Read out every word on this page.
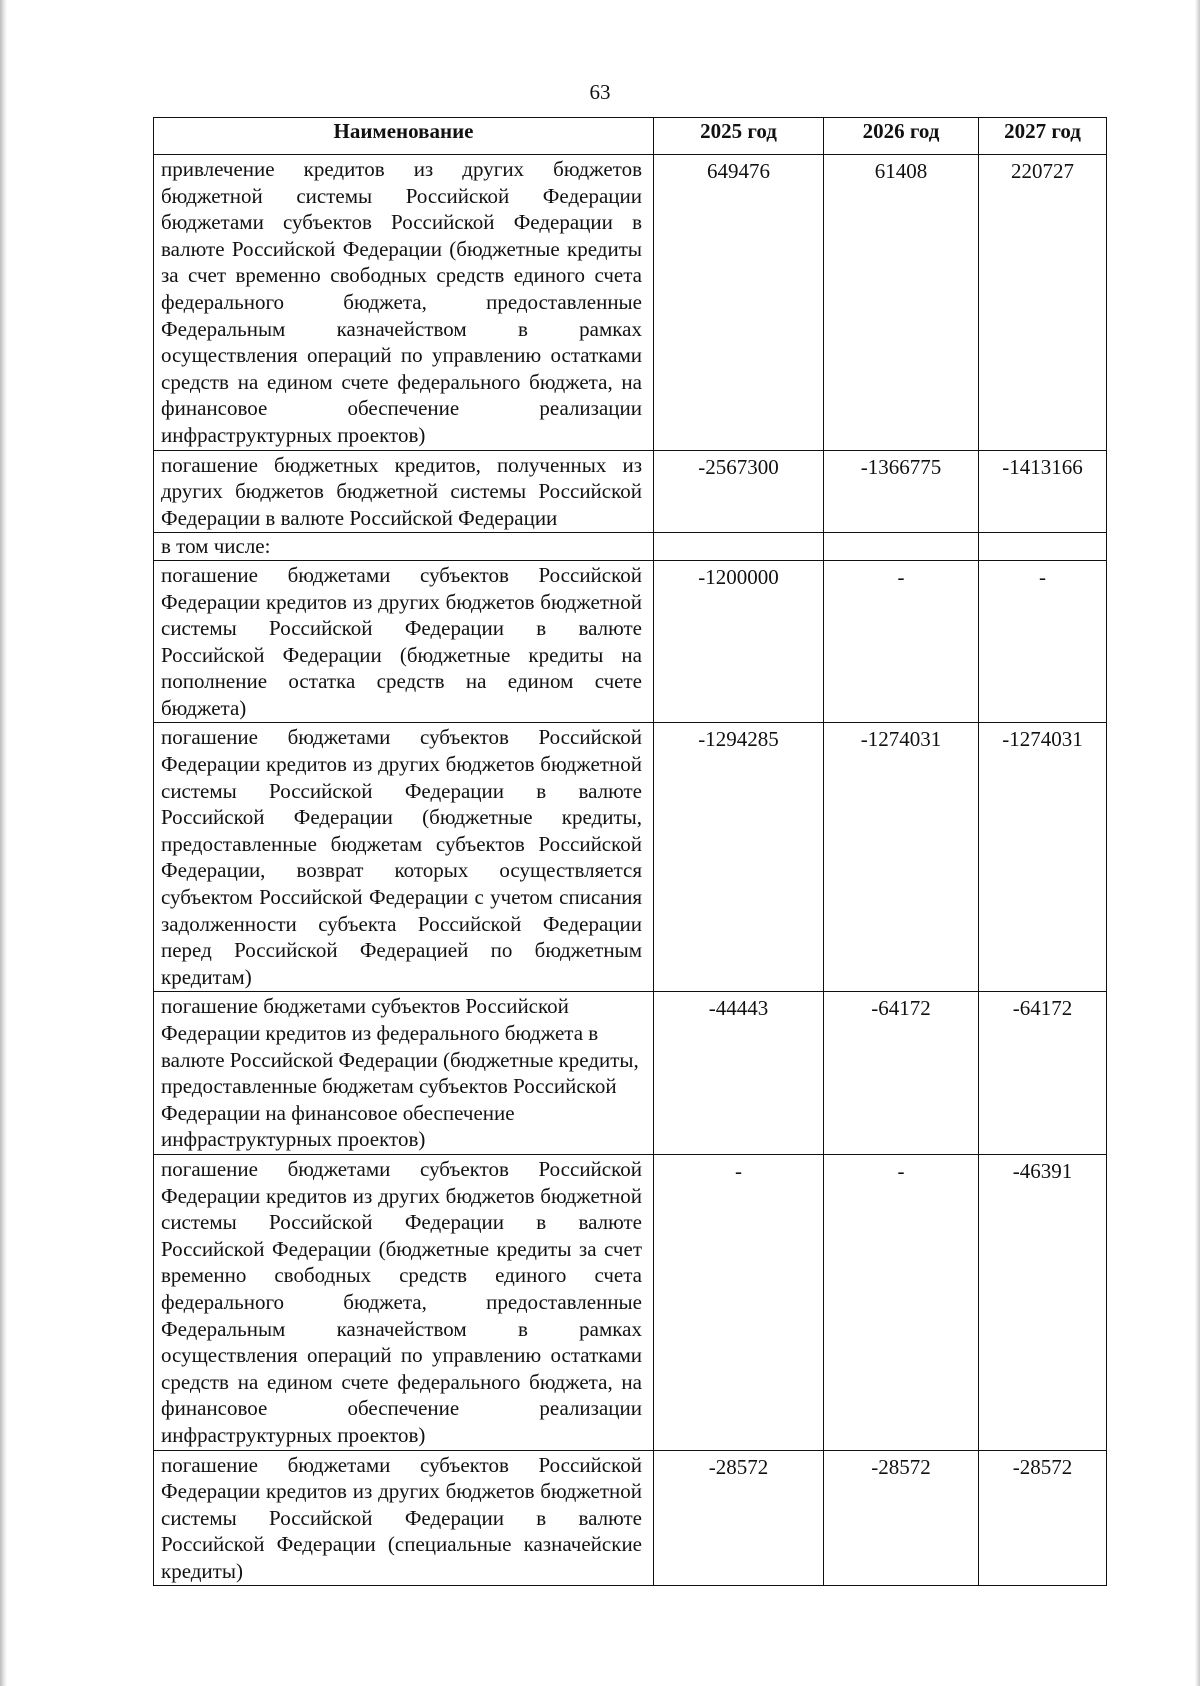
63
Наименование	2025 год	2026 год	2027 год
привлечение кредитов из других бюджетов бюджетной системы Российской Федерации бюджетами субъектов Российской Федерации в валюте Российской Федерации (бюджетные кредиты за счет временно свободных средств единого счета федерального бюджета, предоставленные Федеральным казначейством в рамках осуществления операций по управлению остатками средств на едином счете федерального бюджета, на финансовое обеспечение реализации инфраструктурных проектов)	649476	61408	220727
погашение бюджетных кредитов, полученных из других бюджетов бюджетной системы Российской Федерации в валюте Российской Федерации	-2567300	-1366775	-1413166
в том числе:			
погашение бюджетами субъектов Российской Федерации кредитов из других бюджетов бюджетной системы Российской Федерации в валюте Российской Федерации (бюджетные кредиты на пополнение остатка средств на едином счете бюджета)	-1200000	-	-
погашение бюджетами субъектов Российской Федерации кредитов из других бюджетов бюджетной системы Российской Федерации в валюте Российской Федерации (бюджетные кредиты, предоставленные бюджетам субъектов Российской Федерации, возврат которых осуществляется субъектом Российской Федерации с учетом списания задолженности субъекта Российской Федерации перед Российской Федерацией по бюджетным кредитам)	-1294285	-1274031	-1274031
погашение бюджетами субъектов Российской Федерации кредитов из федерального бюджета в валюте Российской Федерации (бюджетные кредиты, предоставленные бюджетам субъектов Российской Федерации на финансовое обеспечение инфраструктурных проектов)	-44443	-64172	-64172
погашение бюджетами субъектов Российской Федерации кредитов из других бюджетов бюджетной системы Российской Федерации в валюте Российской Федерации (бюджетные кредиты за счет временно свободных средств единого счета федерального бюджета, предоставленные Федеральным казначейством в рамках осуществления операций по управлению остатками средств на едином счете федерального бюджета, на финансовое обеспечение реализации инфраструктурных проектов)	-	-	-46391
погашение бюджетами субъектов Российской Федерации кредитов из других бюджетов бюджетной системы Российской Федерации в валюте Российской Федерации (специальные казначейские кредиты)	-28572	-28572	-28572
